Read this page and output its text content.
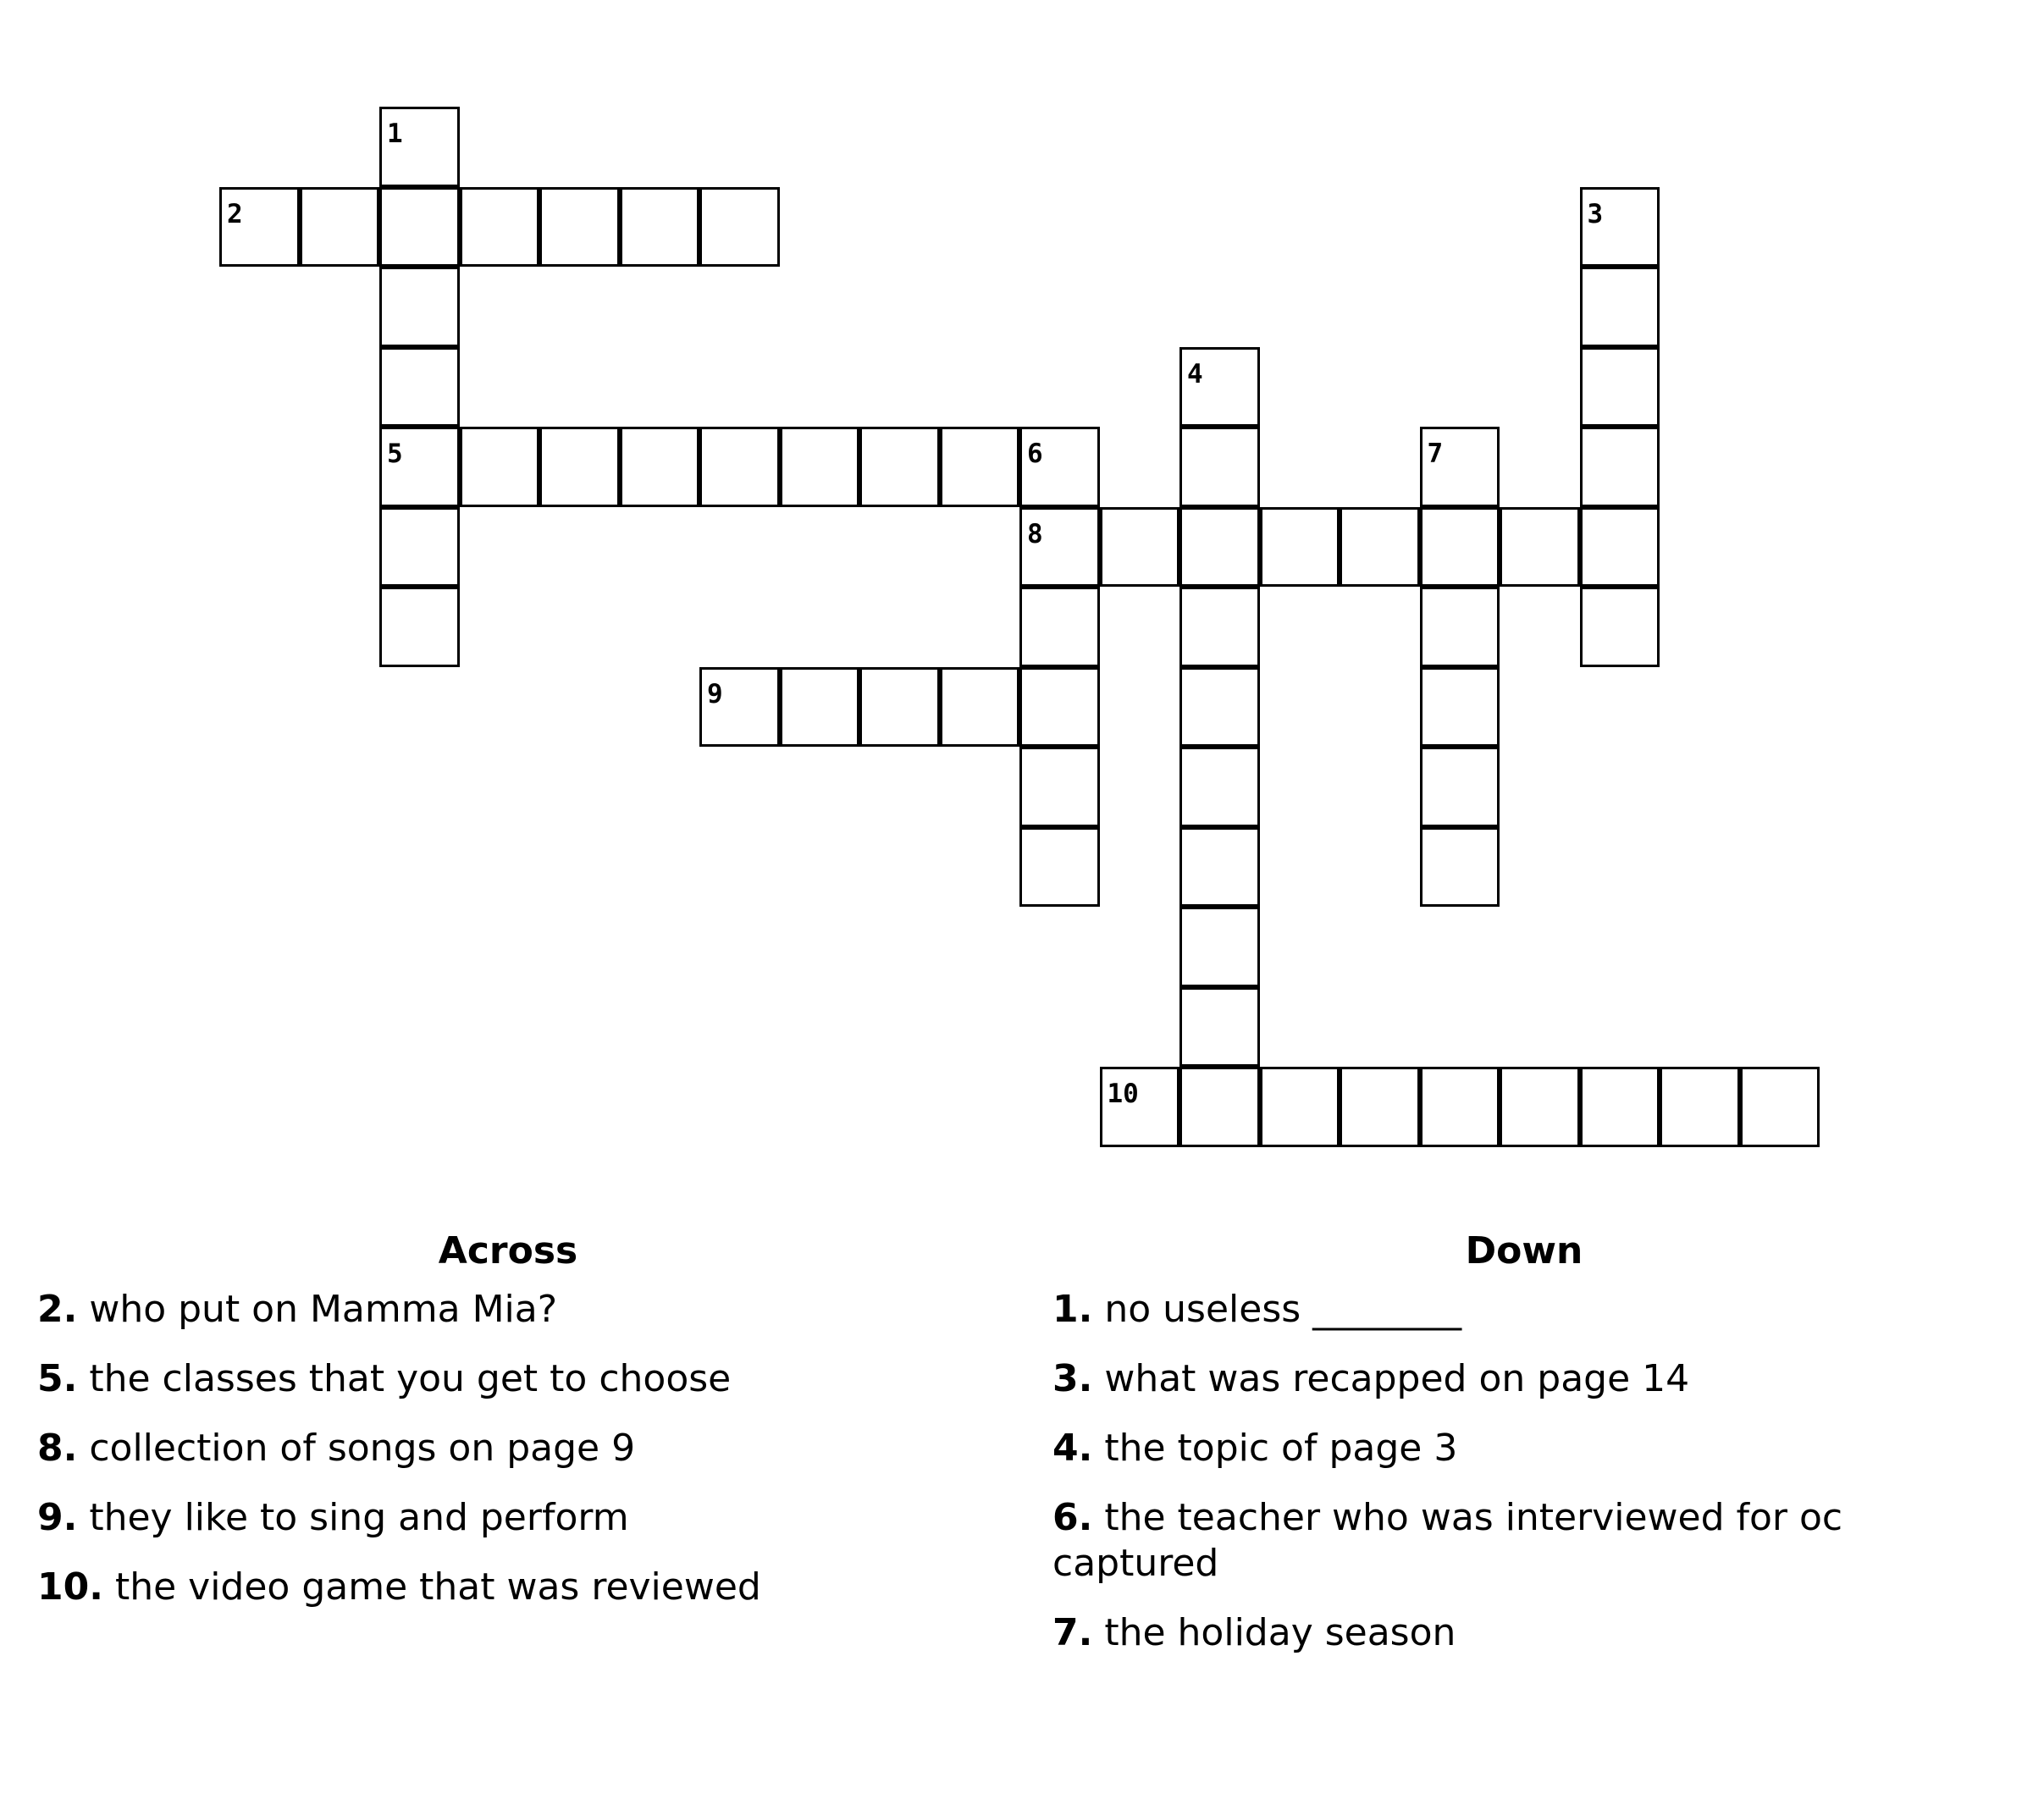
1
5
2	3
4
6
8
7
9
10
Across
2. who put on Mamma Mia?
5. the classes that you get to choose
8. collection of songs on page 9
9. they like to sing and perform
10. the video game that was reviewed
Down
1. no useless ________
3. what was recapped on page 14
4. the topic of page 3
6. the teacher who was interviewed for oc captured
7. the holiday season
